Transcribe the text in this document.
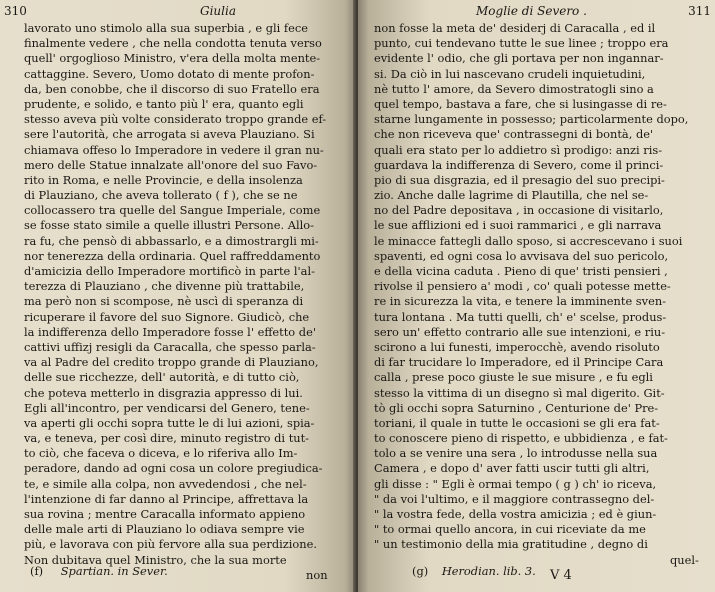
310	Giulia
lavorato uno stimolo alla sua superbia , e gli fece
finalmente vedere , che nella condotta tenuta verso
quell' orgoglioso Ministro, v'era della molta mente-
cattaggine. Severo, Uomo dotato di mente profon-
da, ben conobbe, che il discorso di suo Fratello era
prudente, e solido, e tanto più l' era, quanto egli
stesso aveva più volte considerato troppo grande ef-
sere l'autorità, che arrogata si aveva Plauziano. Si
chiamava offeso lo Imperadore in vedere il gran nu-
mero delle Statue innalzate all'onore del suo Favo-
rito in Roma, e nelle Provincie, e della insolenza
di Plauziano, che aveva tollerato ( f ), che se ne
collocassero tra quelle del Sangue Imperiale, come
se fosse stato simile a quelle illustri Persone. Allo-
ra fu, che pensò di abbassarlo, e a dimostrargli mi-
nor tenerezza della ordinaria. Quel raffreddamento
d'amicizia dello Imperadore mortificò in parte l'al-
terezza di Plauziano , che divenne più trattabile,
ma però non si scompose, nè uscì di speranza di
ricuperare il favore del suo Signore. Giudicò, che
la indifferenza dello Imperadore fosse l' effetto de'
cattivi uffizj resigli da Caracalla, che spesso parla-
va al Padre del credito troppo grande di Plauziano,
delle sue ricchezze, dell' autorità, e di tutto ciò,
che poteva metterlo in disgrazia appresso di lui.
Egli all'incontro, per vendicarsi del Genero, tene-
va aperti gli occhi sopra tutte le di lui azioni, spia-
va, e teneva, per così dire, minuto registro di tut-
to ciò, che faceva o diceva, e lo riferiva allo Im-
peradore, dando ad ogni cosa un colore pregiudica-
te, e simile alla colpa, non avvedendosi , che nel-
l'intenzione di far danno al Principe, affrettava la
sua rovina ; mentre Caracalla informato appieno
delle male arti di Plauziano lo odiava sempre vie
più, e lavorava con più fervore alla sua perdizione.
Non dubitava quel Ministro, che la sua morte
non
(f) Spartian. in Sever.
Moglie di Severo .	311
non fosse la meta de' desiderj di Caracalla , ed il
punto, cui tendevano tutte le sue linee ; troppo era
evidente l' odio, che gli portava per non ingannar-
si. Da ciò in lui nascevano crudeli inquietudini,
nè tutto l' amore, da Severo dimostratogli sino a
quel tempo, bastava a fare, che si lusingasse di re-
starne lungamente in possesso; particolarmente dopo,
che non riceveva que' contrassegni di bontà, de'
quali era stato per lo addietro sì prodigo: anzi ris-
guardava la indifferenza di Severo, come il princi-
pio di sua disgrazia, ed il presagio del suo precipi-
zio. Anche dalle lagrime di Plautilla, che nel se-
no del Padre depositava , in occasione di visitarlo,
le sue afflizioni ed i suoi rammarici , e gli narrava
le minacce fattegli dallo sposo, si accrescevano i suoi
spaventi, ed ogni cosa lo avvisava del suo pericolo,
e della vicina caduta . Pieno di que' tristi pensieri ,
rivolse il pensiero a' modi , co' quali potesse mette-
re in sicurezza la vita, e tenere la imminente sven-
tura lontana . Ma tutti quelli, ch' e' scelse, produs-
sero un' effetto contrario alle sue intenzioni, e riu-
scirono a lui funesti, imperocchè, avendo risoluto
di far trucidare lo Imperadore, ed il Principe Cara
calla , prese poco giuste le sue misure , e fu egli
stesso la vittima di un disegno sì mal digerito. Git-
tò gli occhi sopra Saturnino , Centurione de' Pre-
toriani, il quale in tutte le occasioni se gli era fat-
to conoscere pieno di rispetto, e ubbidienza , e fat-
tolo a se venire una sera , lo introdusse nella sua
Camera , e dopo d' aver fatti uscir tutti gli altri,
gli disse : " Egli è ormai tempo ( g ) ch' io riceva,
" da voi l'ultimo, e il maggiore contrassegno del-
" la vostra fede, della vostra amicizia ; ed è giun-
" to ormai quello ancora, in cui riceviate da me
" un testimonio della mia gratitudine , degno di
quel-
(g) Herodian. lib. 3. V 4
